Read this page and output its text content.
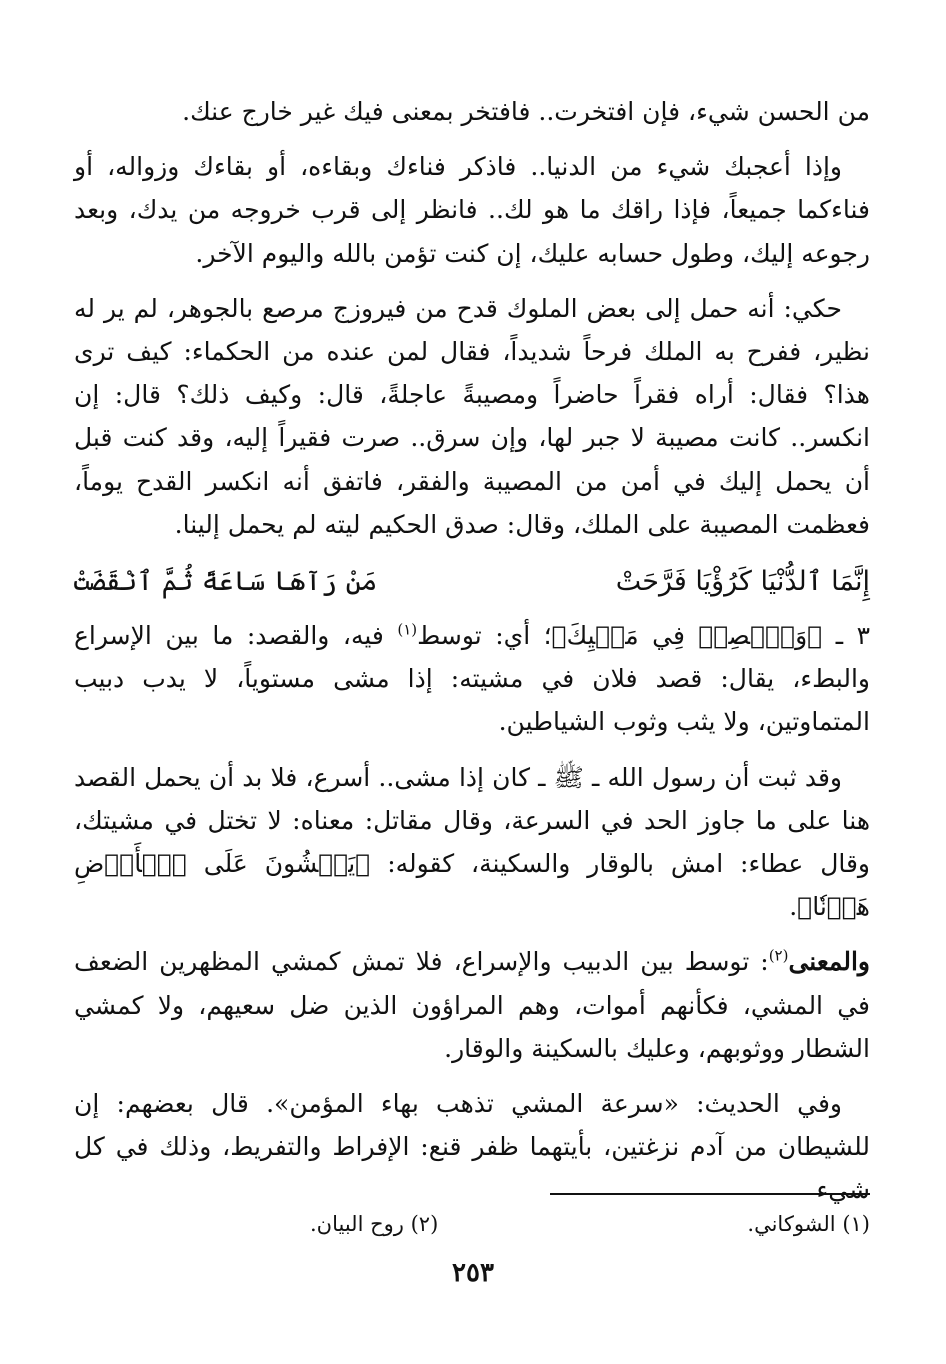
من الحسن شيء، فإن افتخرت.. فافتخر بمعنى فيك غير خارج عنك.

وإذا أعجبك شيء من الدنيا.. فاذكر فناءك وبقاءه، أو بقاءك وزواله، أو فناءكما جميعاً، فإذا راقك ما هو لك.. فانظر إلى قرب خروجه من يدك، وبعد رجوعه إليك، وطول حسابه عليك، إن كنت تؤمن بالله واليوم الآخر.

حكي: أنه حمل إلى بعض الملوك قدح من فيروزج مرصع بالجوهر، لم ير له نظير، ففرح به الملك فرحاً شديداً، فقال لمن عنده من الحكماء: كيف ترى هذا؟ فقال: أراه فقراً حاضراً ومصيبةً عاجلةً، قال: وكيف ذلك؟ قال: إن انكسر.. كانت مصيبة لا جبر لها، وإن سرق.. صرت فقيراً إليه، وقد كنت قبل أن يحمل إليك في أمن من المصيبة والفقر، فاتفق أنه انكسر القدح يوماً، فعظمت المصيبة على الملك، وقال: صدق الحكيم ليته لم يحمل إلينا.

إِنَّمَا ٱلدُّنْيَا كَرُؤْيَا فَرَّحَتْ
مَنْ رَآهَا سَاعَةً ثُمَّ ٱنْقَضَتْ

٣ ـ ﴿وَٱقۡصِدۡ فِي مَشۡيِكَ﴾؛ أي: توسط$^{(١)}$ فيه، والقصد: ما بين الإسراع والبطء، يقال: قصد فلان في مشيته: إذا مشى مستوياً، لا يدب دبيب المتماوتين، ولا يثب وثوب الشياطين.

وقد ثبت أن رسول الله ـ ﷺ ـ كان إذا مشى.. أسرع، فلا بد أن يحمل القصد هنا على ما جاوز الحد في السرعة، وقال مقاتل: معناه: لا تختل في مشيتك، وقال عطاء: امش بالوقار والسكينة، كقوله: ﴿يَمۡشُونَ عَلَى ٱلۡأَرۡضِ هَوۡنٗا﴾.

والمعنى$^{(٢)}$: توسط بين الدبيب والإسراع، فلا تمش كمشي المظهرين الضعف في المشي، فكأنهم أموات، وهم المراؤون الذين ضل سعيهم، ولا كمشي الشطار ووثوبهم، وعليك بالسكينة والوقار.

وفي الحديث: «سرعة المشي تذهب بهاء المؤمن». قال بعضهم: إن للشيطان من آدم نزغتين، بأيتهما ظفر قنع: الإفراط والتفريط، وذلك في كل شيء

(١) الشوكاني.
(٢) روح البيان.
٢٥٣
